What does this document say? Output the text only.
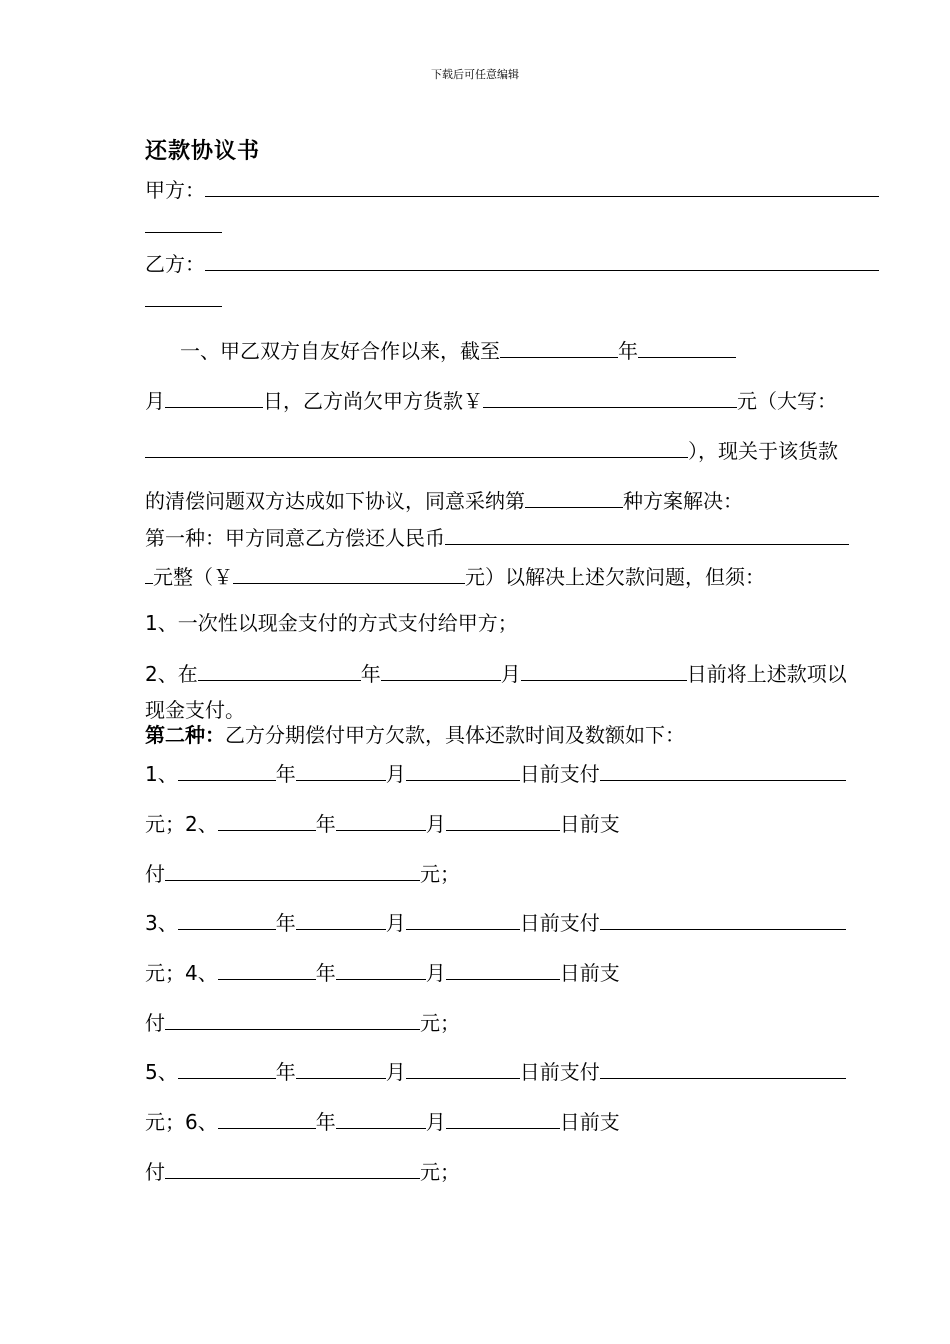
下载后可任意编辑
还款协议书
甲方：
乙方：
一、甲乙双方自友好合作以来，截至	年
月	日，乙方尚欠甲方货款￥	元（大写：
），现关于该货款
的清偿问题双方达成如下协议，同意采纳第	种方案解决：
第一种：甲方同意乙方偿还人民币
元整（￥	元）以解决上述欠款问题，但须：
1、一次性以现金支付的方式支付给甲方；
2、在	年	月	日前将上述款项以
现金支付。
第二种：乙方分期偿付甲方欠款，具体还款时间及数额如下：
1、	年	月	日前支付
元；2、	年	月	日前支
付	元；
3、	年	月	日前支付
元；4、	年	月	日前支
付	元；
5、	年	月	日前支付
元；6、	年	月	日前支
付	元；
